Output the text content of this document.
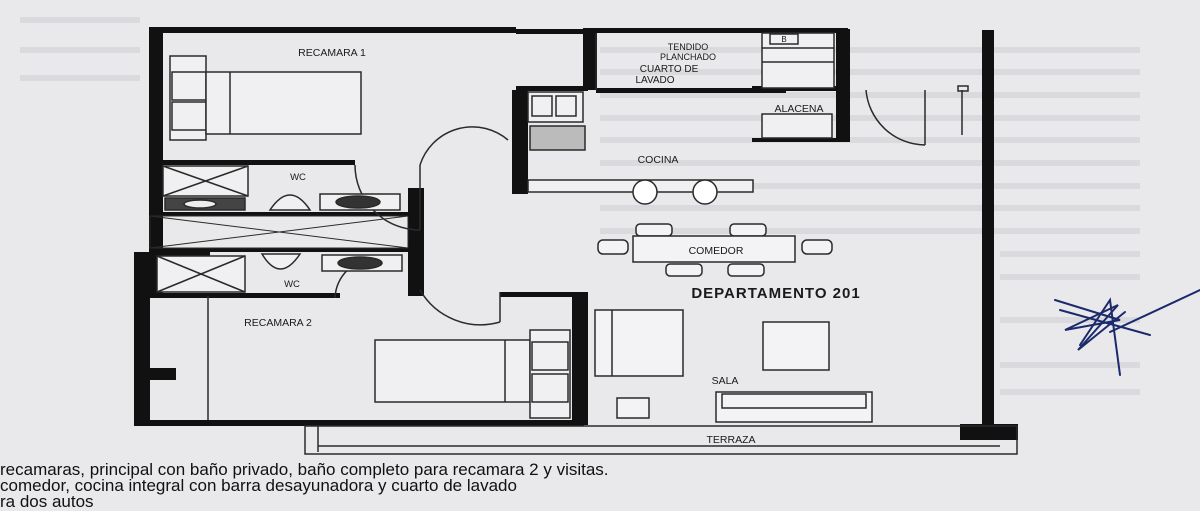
RECAMARA 1
RECAMARA 2
WC
WC
TENDIDO
PLANCHADO
CUARTO DE
LAVADO
ALACENA
COCINA
COMEDOR
SALA
TERRAZA
DEPARTAMENTO 201
B
recamaras, principal con baño privado, baño completo para recamara 2 y visitas.
comedor, cocina integral con barra desayunadora y cuarto de lavado
ra dos autos
